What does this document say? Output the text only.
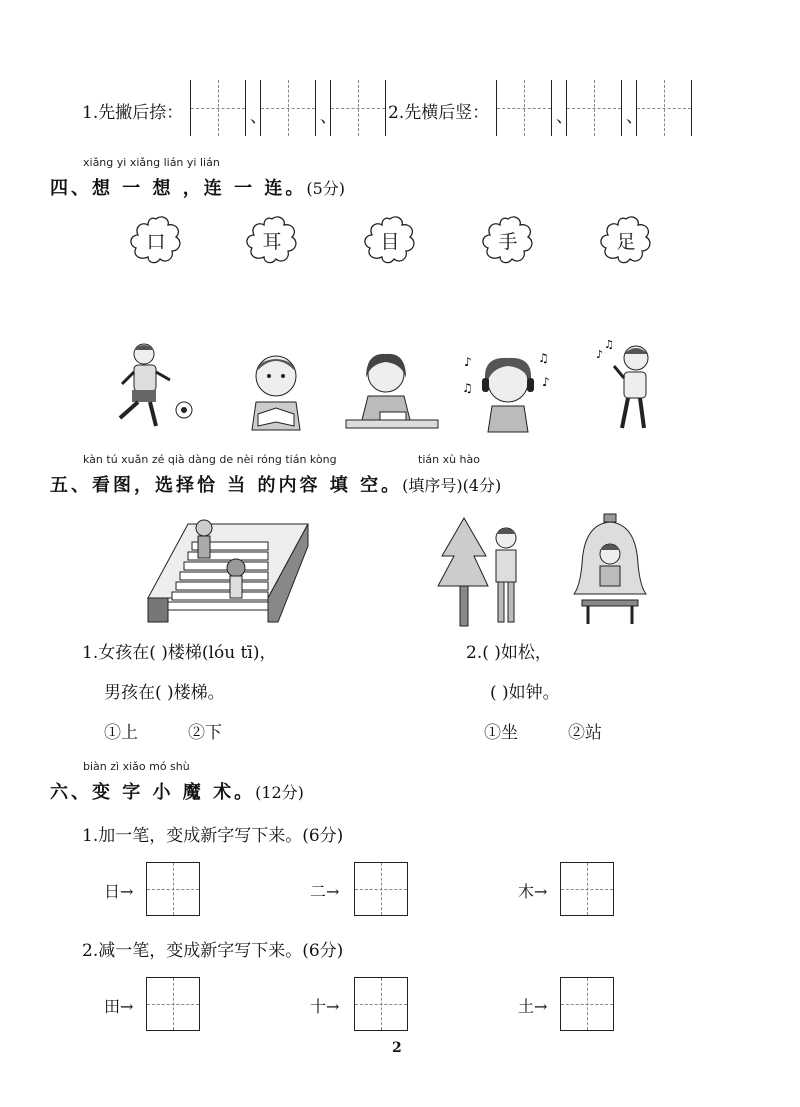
1.先撇后捺：	、	、	2.先横后竖：	、	、
xiǎng yi xiǎng lián yi lián
四、想 一 想 ，连 一 连。(5分)
口	耳	目	手	足
♪	♫
♫	♪
♪
♫
kàn tú xuǎn zé qià dàng de nèi róng tián kòng	tián xù hào
五、看图，选择恰 当 的内容 填 空。(填序号)(4分)
1.女孩在( )楼梯(lóu tī)，
男孩在( )楼梯。
①上	②下
2.( )如松，
( )如钟。
①坐	②站
biàn zì xiǎo mó shù
六、变 字 小 魔 术。(12分)
1.加一笔，变成新字写下来。(6分)
日→	二→	木→
2.减一笔，变成新字写下来。(6分)
田→	十→	土→
2
